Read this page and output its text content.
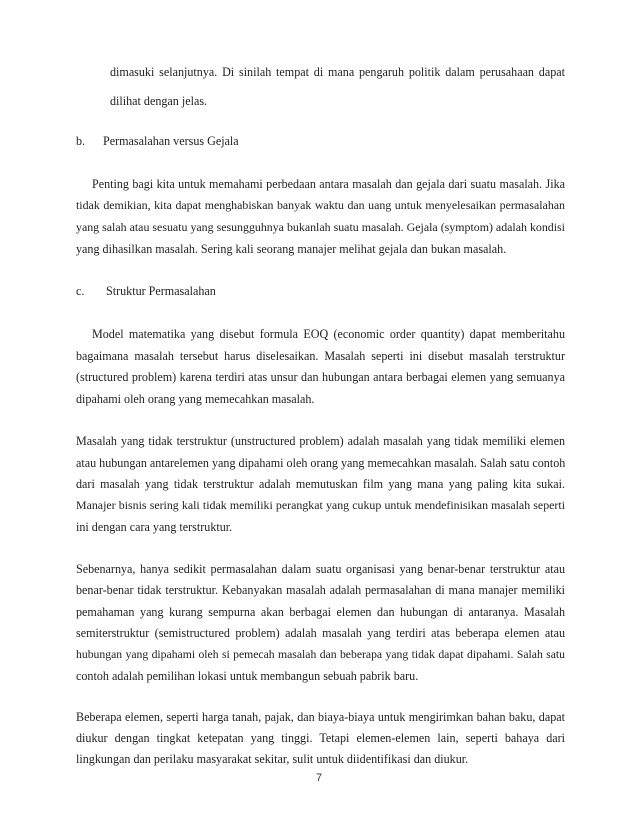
dimasuki selanjutnya. Di sinilah tempat di mana pengaruh politik dalam perusahaan dapat
dilihat dengan jelas.
b. Permasalahan versus Gejala
Penting bagi kita untuk memahami perbedaan antara masalah dan gejala dari suatu masalah. Jika
tidak demikian, kita dapat menghabiskan banyak waktu dan uang untuk menyelesaikan permasalahan
yang salah atau sesuatu yang sesungguhnya bukanlah suatu masalah. Gejala (symptom) adalah kondisi
yang dihasilkan masalah. Sering kali seorang manajer melihat gejala dan bukan masalah.
c. Struktur Permasalahan
Model matematika yang disebut formula EOQ (economic order quantity) dapat memberitahu
bagaimana masalah tersebut harus diselesaikan. Masalah seperti ini disebut masalah terstruktur
(structured problem) karena terdiri atas unsur dan hubungan antara berbagai elemen yang semuanya
dipahami oleh orang yang memecahkan masalah.
Masalah yang tidak terstruktur (unstructured problem) adalah masalah yang tidak memiliki elemen
atau hubungan antarelemen yang dipahami oleh orang yang memecahkan masalah. Salah satu contoh
dari masalah yang tidak terstruktur adalah memutuskan film yang mana yang paling kita sukai.
Manajer bisnis sering kali tidak memiliki perangkat yang cukup untuk mendefinisikan masalah seperti
ini dengan cara yang terstruktur.
Sebenarnya, hanya sedikit permasalahan dalam suatu organisasi yang benar-benar terstruktur atau
benar-benar tidak terstruktur. Kebanyakan masalah adalah permasalahan di mana manajer memiliki
pemahaman yang kurang sempurna akan berbagai elemen dan hubungan di antaranya. Masalah
semiterstruktur (semistructured problem) adalah masalah yang terdiri atas beberapa elemen atau
hubungan yang dipahami oleh si pemecah masalah dan beberapa yang tidak dapat dipahami. Salah satu
contoh adalah pemilihan lokasi untuk membangun sebuah pabrik baru.
Beberapa elemen, seperti harga tanah, pajak, dan biaya-biaya untuk mengirimkan bahan baku, dapat
diukur dengan tingkat ketepatan yang tinggi. Tetapi elemen-elemen lain, seperti bahaya dari
lingkungan dan perilaku masyarakat sekitar, sulit untuk diidentifikasi dan diukur.
7
